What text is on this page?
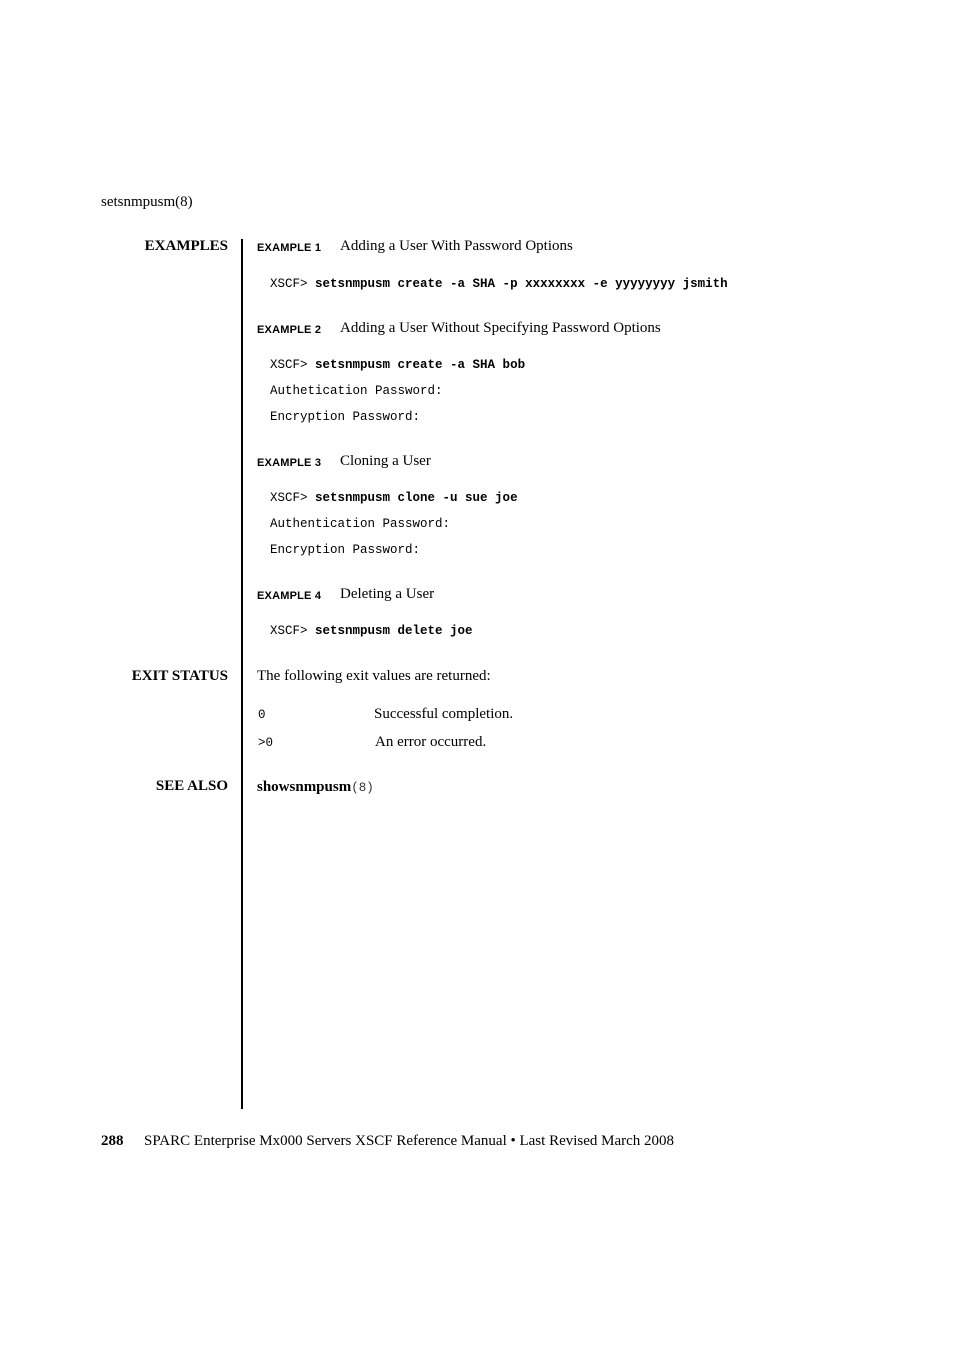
setsnmpusm(8)
EXAMPLES	EXAMPLE 1 Adding a User With Password Options
XSCF> setsnmpusm create -a SHA -p xxxxxxxx -e yyyyyyyy jsmith
EXAMPLE 2 Adding a User Without Specifying Password Options
XSCF> setsnmpusm create -a SHA bob
Authetication Password:
Encryption Password:
EXAMPLE 3 Cloning a User
XSCF> setsnmpusm clone -u sue joe
Authentication Password:
Encryption Password:
EXAMPLE 4 Deleting a User
XSCF> setsnmpusm delete joe
EXIT STATUS The following exit values are returned:
0	Successful completion.
>0	An error occurred.
SEE ALSO showsnmpusm(8)
288 SPARC Enterprise Mx000 Servers XSCF Reference Manual • Last Revised March 2008
